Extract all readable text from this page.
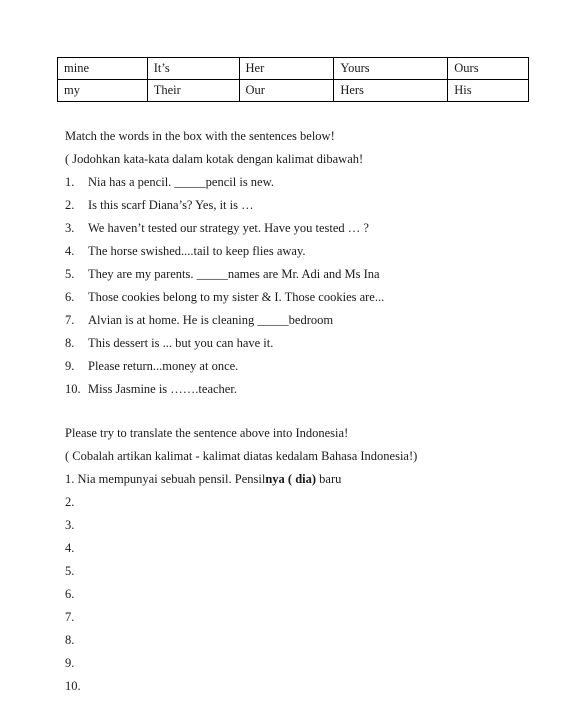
mine	It’s	Her	Yours	Ours
my	Their	Our	Hers	His
Match the words in the box with the sentences below!
( Jodohkan kata-kata dalam kotak dengan kalimat dibawah!
1. Nia has a pencil. _____pencil is new.
2. Is this scarf Diana’s? Yes, it is …
3. We haven’t tested our strategy yet. Have you tested … ?
4. The horse swished....tail to keep flies away.
5. They are my parents. _____names are Mr. Adi and Ms Ina
6. Those cookies belong to my sister & I. Those cookies are...
7. Alvian is at home. He is cleaning _____bedroom
8. This dessert is ... but you can have it.
9. Please return...money at once.
10. Miss Jasmine is …….teacher.
Please try to translate the sentence above into Indonesia!
( Cobalah artikan kalimat - kalimat diatas kedalam Bahasa Indonesia!)
1. Nia mempunyai sebuah pensil. Pensilnya ( dia) baru
2.
3.
4.
5.
6.
7.
8.
9.
10.
